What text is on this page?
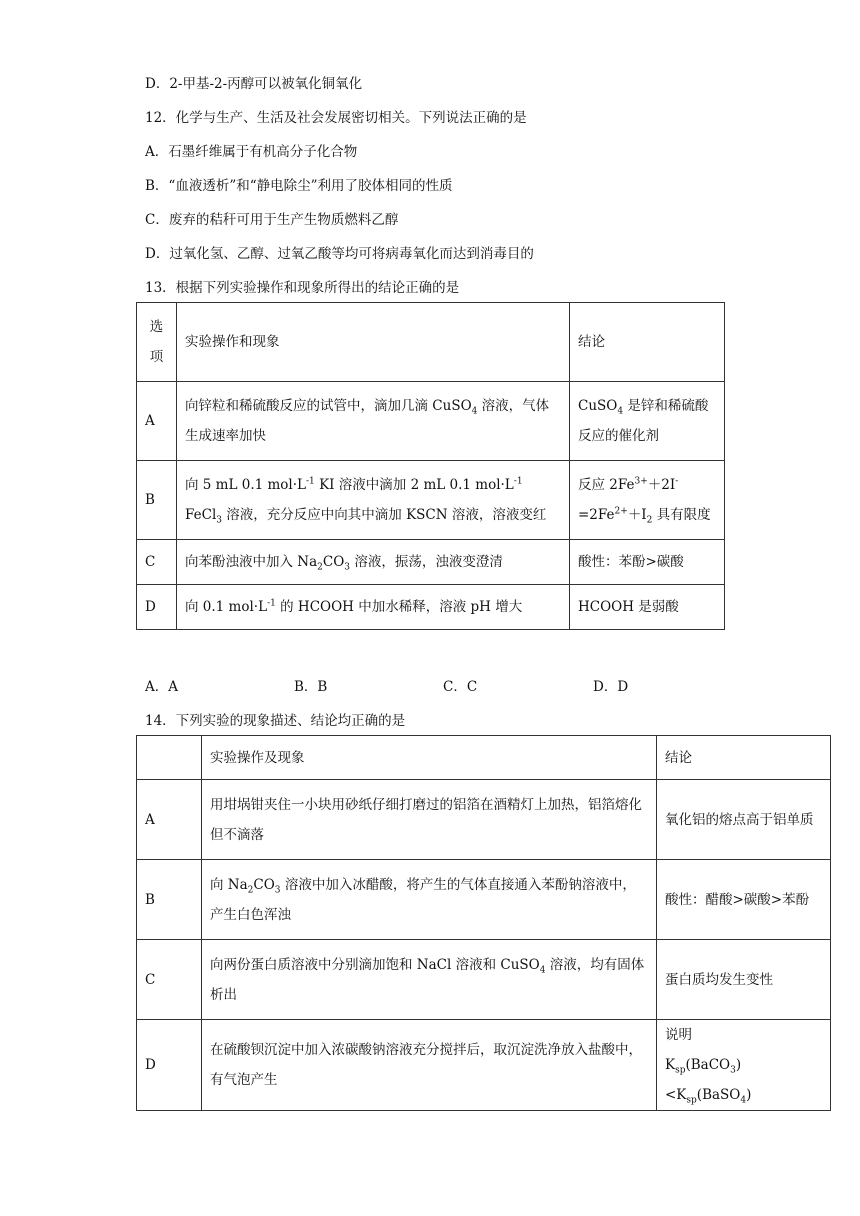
D．2-甲基-2-丙醇可以被氧化铜氧化
12．化学与生产、生活及社会发展密切相关。下列说法正确的是
A．石墨纤维属于有机高分子化合物
B．“血液透析”和“静电除尘”利用了胶体相同的性质
C．废弃的秸秆可用于生产生物质燃料乙醇
D．过氧化氢、乙醇、过氧乙酸等均可将病毒氧化而达到消毒目的
13．根据下列实验操作和现象所得出的结论正确的是
选项	实验操作和现象	结论
A	向锌粒和稀硫酸反应的试管中，滴加几滴 CuSO$_4$ 溶液，气体生成速率加快	CuSO$_4$ 是锌和稀硫酸反应的催化剂
B	向 5 mL 0.1 $mol\cdot L^{-1}$ KI 溶液中滴加 2 mL 0.1 $mol\cdot L^{-1}$ FeCl$_3$ 溶液，充分反应中向其中滴加 KSCN 溶液，溶液变红	反应 $2Fe^{3+}+2I^-=2Fe^{2+}+I_2$ 具有限度
C	向苯酚浊液中加入 $Na_2CO_3$ 溶液，振荡，浊液变澄清	酸性：苯酚>碳酸
D	向 0.1 $mol\cdot L^{-1}$ 的 HCOOH 中加水稀释，溶液 pH 增大	HCOOH 是弱酸
A．A	B．B	C．C	D．D
14．下列实验的现象描述、结论均正确的是
	实验操作及现象	结论
A	用坩埚钳夹住一小块用砂纸仔细打磨过的铝箔在酒精灯上加热，铝箔熔化但不滴落	氧化铝的熔点高于铝单质
B	向 $Na_2CO_3$ 溶液中加入冰醋酸，将产生的气体直接通入苯酚钠溶液中，产生白色浑浊	酸性：醋酸>碳酸>苯酚
C	向两份蛋白质溶液中分别滴加饱和 NaCl 溶液和 CuSO$_4$ 溶液，均有固体析出	蛋白质均发生变性
D	在硫酸钡沉淀中加入浓碳酸钠溶液充分搅拌后，取沉淀洗净放入盐酸中，有气泡产生	说明
$K_{sp}(BaCO_3)<K_{sp}(BaSO_4)$
